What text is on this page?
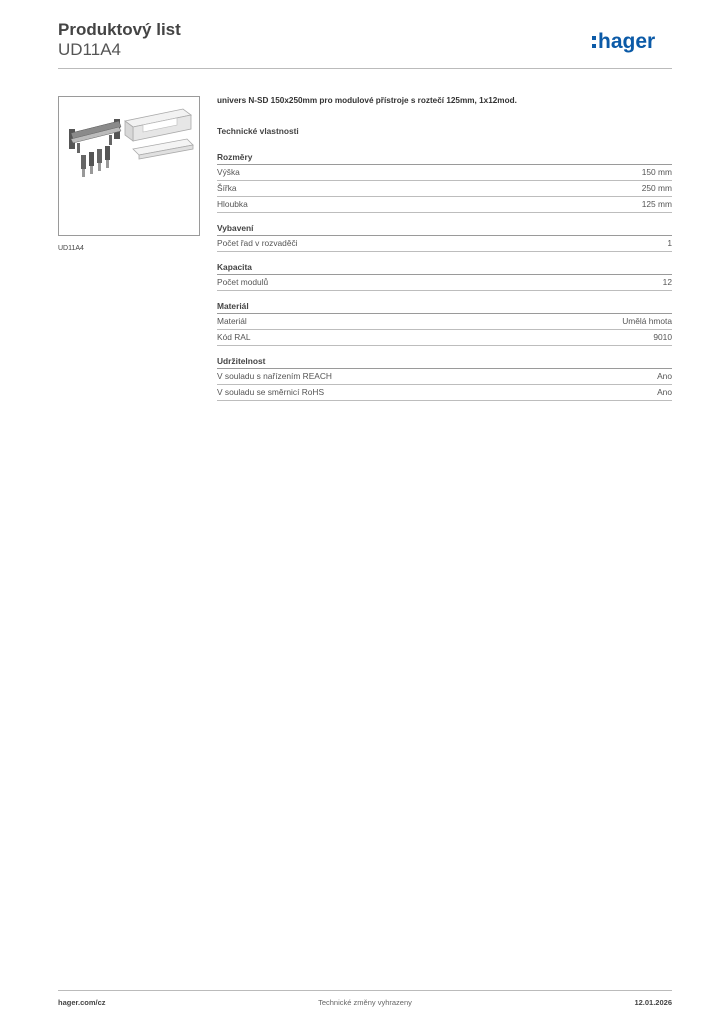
Produktový list
UD11A4	hager
UD11A4

univers N-SD 150x250mm pro modulové přístroje s roztečí 125mm, 1x12mod.

Technické vlastnosti
Rozměry
Výška	150 mm
Šířka	250 mm
Hloubka	125 mm
Vybavení
Počet řad v rozvaděči	1
Kapacita
Počet modulů	12
Materiál
Materiál	Umělá hmota
Kód RAL	9010
Udržitelnost
V souladu s nařízením REACH	Ano
V souladu se směrnicí RoHS	Ano
hager.com/cz	Technické změny vyhrazeny	12.01.2026
